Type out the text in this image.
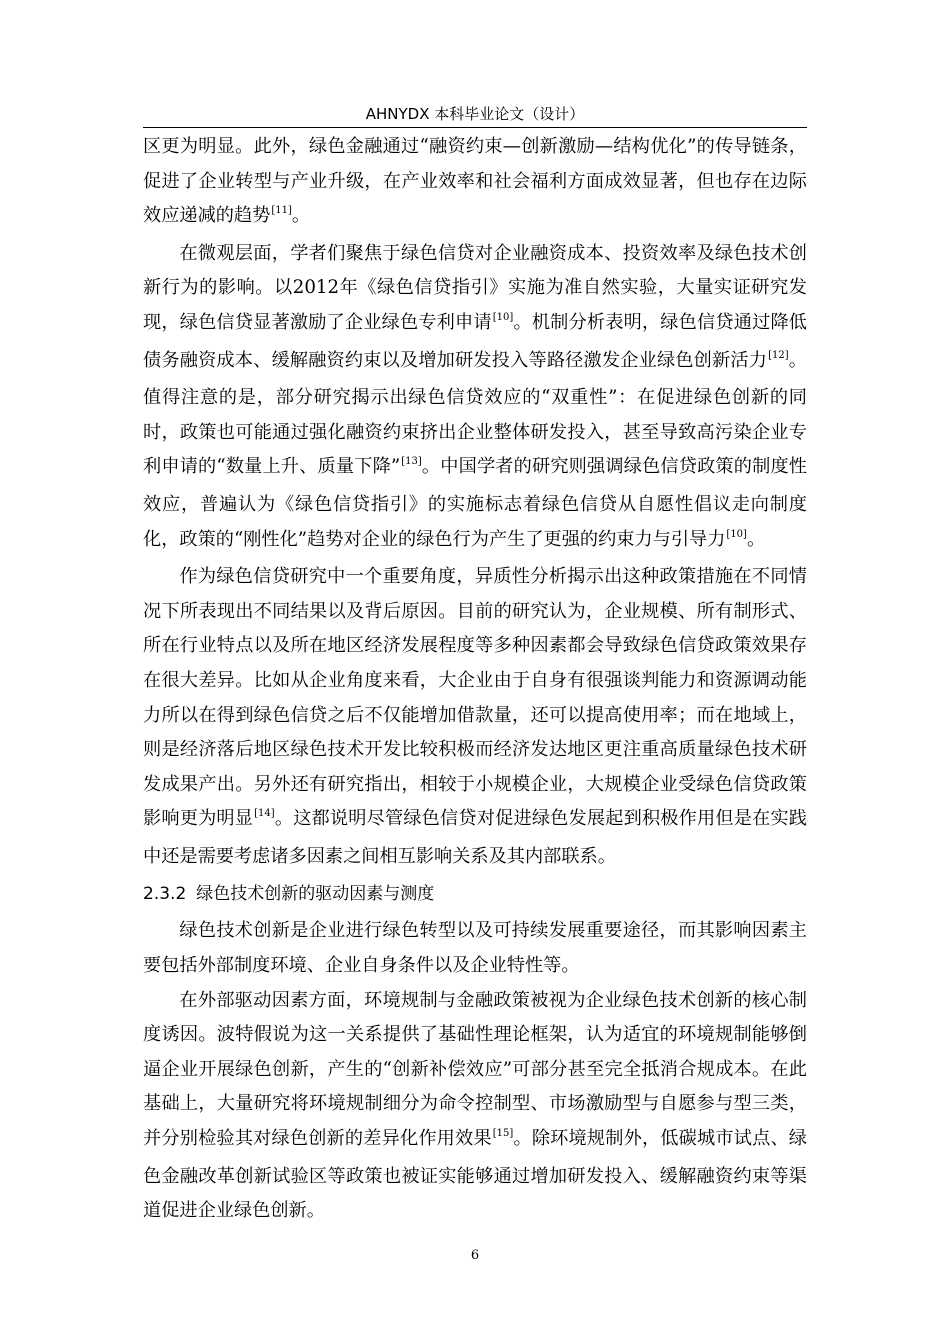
AHNYDX 本科毕业论文（设计）

区更为明显。此外，绿色金融通过“融资约束—创新激励—结构优化”的传导链条，促进了企业转型与产业升级，在产业效率和社会福利方面成效显著，但也存在边际效应递减的趋势[11]。

在微观层面，学者们聚焦于绿色信贷对企业融资成本、投资效率及绿色技术创新行为的影响。以2012年《绿色信贷指引》实施为准自然实验，大量实证研究发现，绿色信贷显著激励了企业绿色专利申请[10]。机制分析表明，绿色信贷通过降低债务融资成本、缓解融资约束以及增加研发投入等路径激发企业绿色创新活力[12]。值得注意的是，部分研究揭示出绿色信贷效应的“双重性”：在促进绿色创新的同时，政策也可能通过强化融资约束挤出企业整体研发投入，甚至导致高污染企业专利申请的“数量上升、质量下降”[13]。中国学者的研究则强调绿色信贷政策的制度性效应，普遍认为《绿色信贷指引》的实施标志着绿色信贷从自愿性倡议走向制度化，政策的“刚性化”趋势对企业的绿色行为产生了更强的约束力与引导力[10]。

作为绿色信贷研究中一个重要角度，异质性分析揭示出这种政策措施在不同情况下所表现出不同结果以及背后原因。目前的研究认为，企业规模、所有制形式、所在行业特点以及所在地区经济发展程度等多种因素都会导致绿色信贷政策效果存在很大差异。比如从企业角度来看，大企业由于自身有很强谈判能力和资源调动能力所以在得到绿色信贷之后不仅能增加借款量，还可以提高使用率；而在地域上，则是经济落后地区绿色技术开发比较积极而经济发达地区更注重高质量绿色技术研发成果产出。另外还有研究指出，相较于小规模企业，大规模企业受绿色信贷政策影响更为明显[14]。这都说明尽管绿色信贷对促进绿色发展起到积极作用但是在实践中还是需要考虑诸多因素之间相互影响关系及其内部联系。

2.3.2 绿色技术创新的驱动因素与测度

绿色技术创新是企业进行绿色转型以及可持续发展重要途径，而其影响因素主要包括外部制度环境、企业自身条件以及企业特性等。

在外部驱动因素方面，环境规制与金融政策被视为企业绿色技术创新的核心制度诱因。波特假说为这一关系提供了基础性理论框架，认为适宜的环境规制能够倒逼企业开展绿色创新，产生的“创新补偿效应”可部分甚至完全抵消合规成本。在此基础上，大量研究将环境规制细分为命令控制型、市场激励型与自愿参与型三类，并分别检验其对绿色创新的差异化作用效果[15]。除环境规制外，低碳城市试点、绿色金融改革创新试验区等政策也被证实能够通过增加研发投入、缓解融资约束等渠道促进企业绿色创新。

6
